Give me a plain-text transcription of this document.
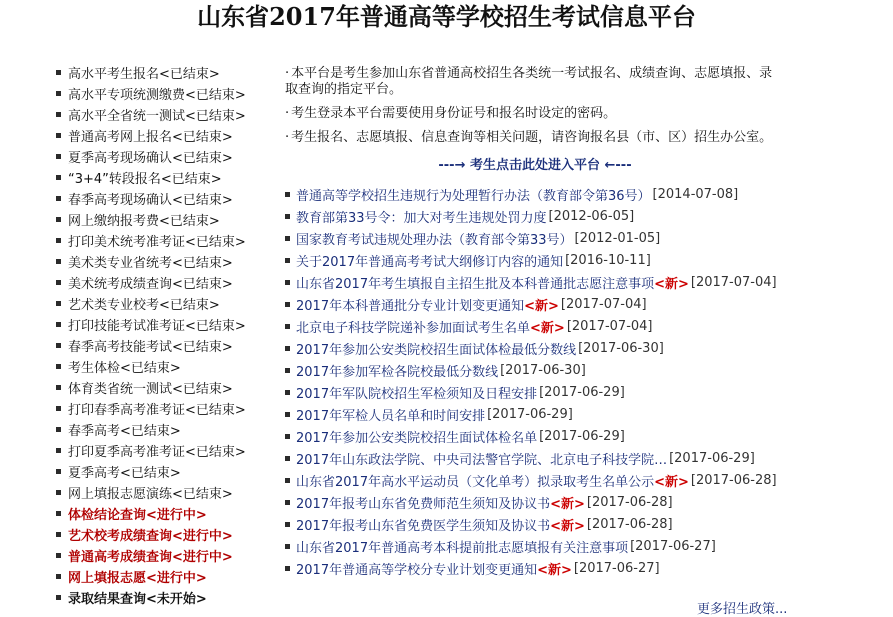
山东省2017年普通高等学校招生考试信息平台
高水平考生报名<已结束>
高水平专项统测缴费<已结束>
高水平全省统一测试<已结束>
普通高考网上报名<已结束>
夏季高考现场确认<已结束>
“3+4”转段报名<已结束>
春季高考现场确认<已结束>
网上缴纳报考费<已结束>
打印美术统考准考证<已结束>
美术类专业省统考<已结束>
美术统考成绩查询<已结束>
艺术类专业校考<已结束>
打印技能考试准考证<已结束>
春季高考技能考试<已结束>
考生体检<已结束>
体育类省统一测试<已结束>
打印春季高考准考证<已结束>
春季高考<已结束>
打印夏季高考准考证<已结束>
夏季高考<已结束>
网上填报志愿演练<已结束>
体检结论查询<进行中>
艺术校考成绩查询<进行中>
普通高考成绩查询<进行中>
网上填报志愿<进行中>
录取结果查询<未开始>
· 本平台是考生参加山东省普通高校招生各类统一考试报名、成绩查询、志愿填报、录取查询的指定平台。
· 考生登录本平台需要使用身份证号和报名时设定的密码。
· 考生报名、志愿填报、信息查询等相关问题，请咨询报名县（市、区）招生办公室。
---→ 考生点击此处进入平台 ←---
普通高等学校招生违规行为处理暂行办法（教育部令第36号） [2014-07-08]
教育部第33号令：加大对考生违规处罚力度 [2012-06-05]
国家教育考试违规处理办法（教育部令第33号） [2012-01-05]
关于2017年普通高考考试大纲修订内容的通知 [2016-10-11]
山东省2017年考生填报自主招生批及本科普通批志愿注意事项 <新> [2017-07-04]
2017年本科普通批分专业计划变更通知 <新> [2017-07-04]
北京电子科技学院递补参加面试考生名单 <新> [2017-07-04]
2017年参加公安类院校招生面试体检最低分数线 [2017-06-30]
2017年参加军检各院校最低分数线 [2017-06-30]
2017年军队院校招生军检须知及日程安排 [2017-06-29]
2017年军检人员名单和时间安排 [2017-06-29]
2017年参加公安类院校招生面试体检名单 [2017-06-29]
2017年山东政法学院、中央司法警官学院、北京电子科技学院… [2017-06-29]
山东省2017年高水平运动员（文化单考）拟录取考生名单公示 <新> [2017-06-28]
2017年报考山东省免费师范生须知及协议书 <新> [2017-06-28]
2017年报考山东省免费医学生须知及协议书 <新> [2017-06-28]
山东省2017年普通高考本科提前批志愿填报有关注意事项 [2017-06-27]
2017年普通高等学校分专业计划变更通知 <新> [2017-06-27]
更多招生政策...
